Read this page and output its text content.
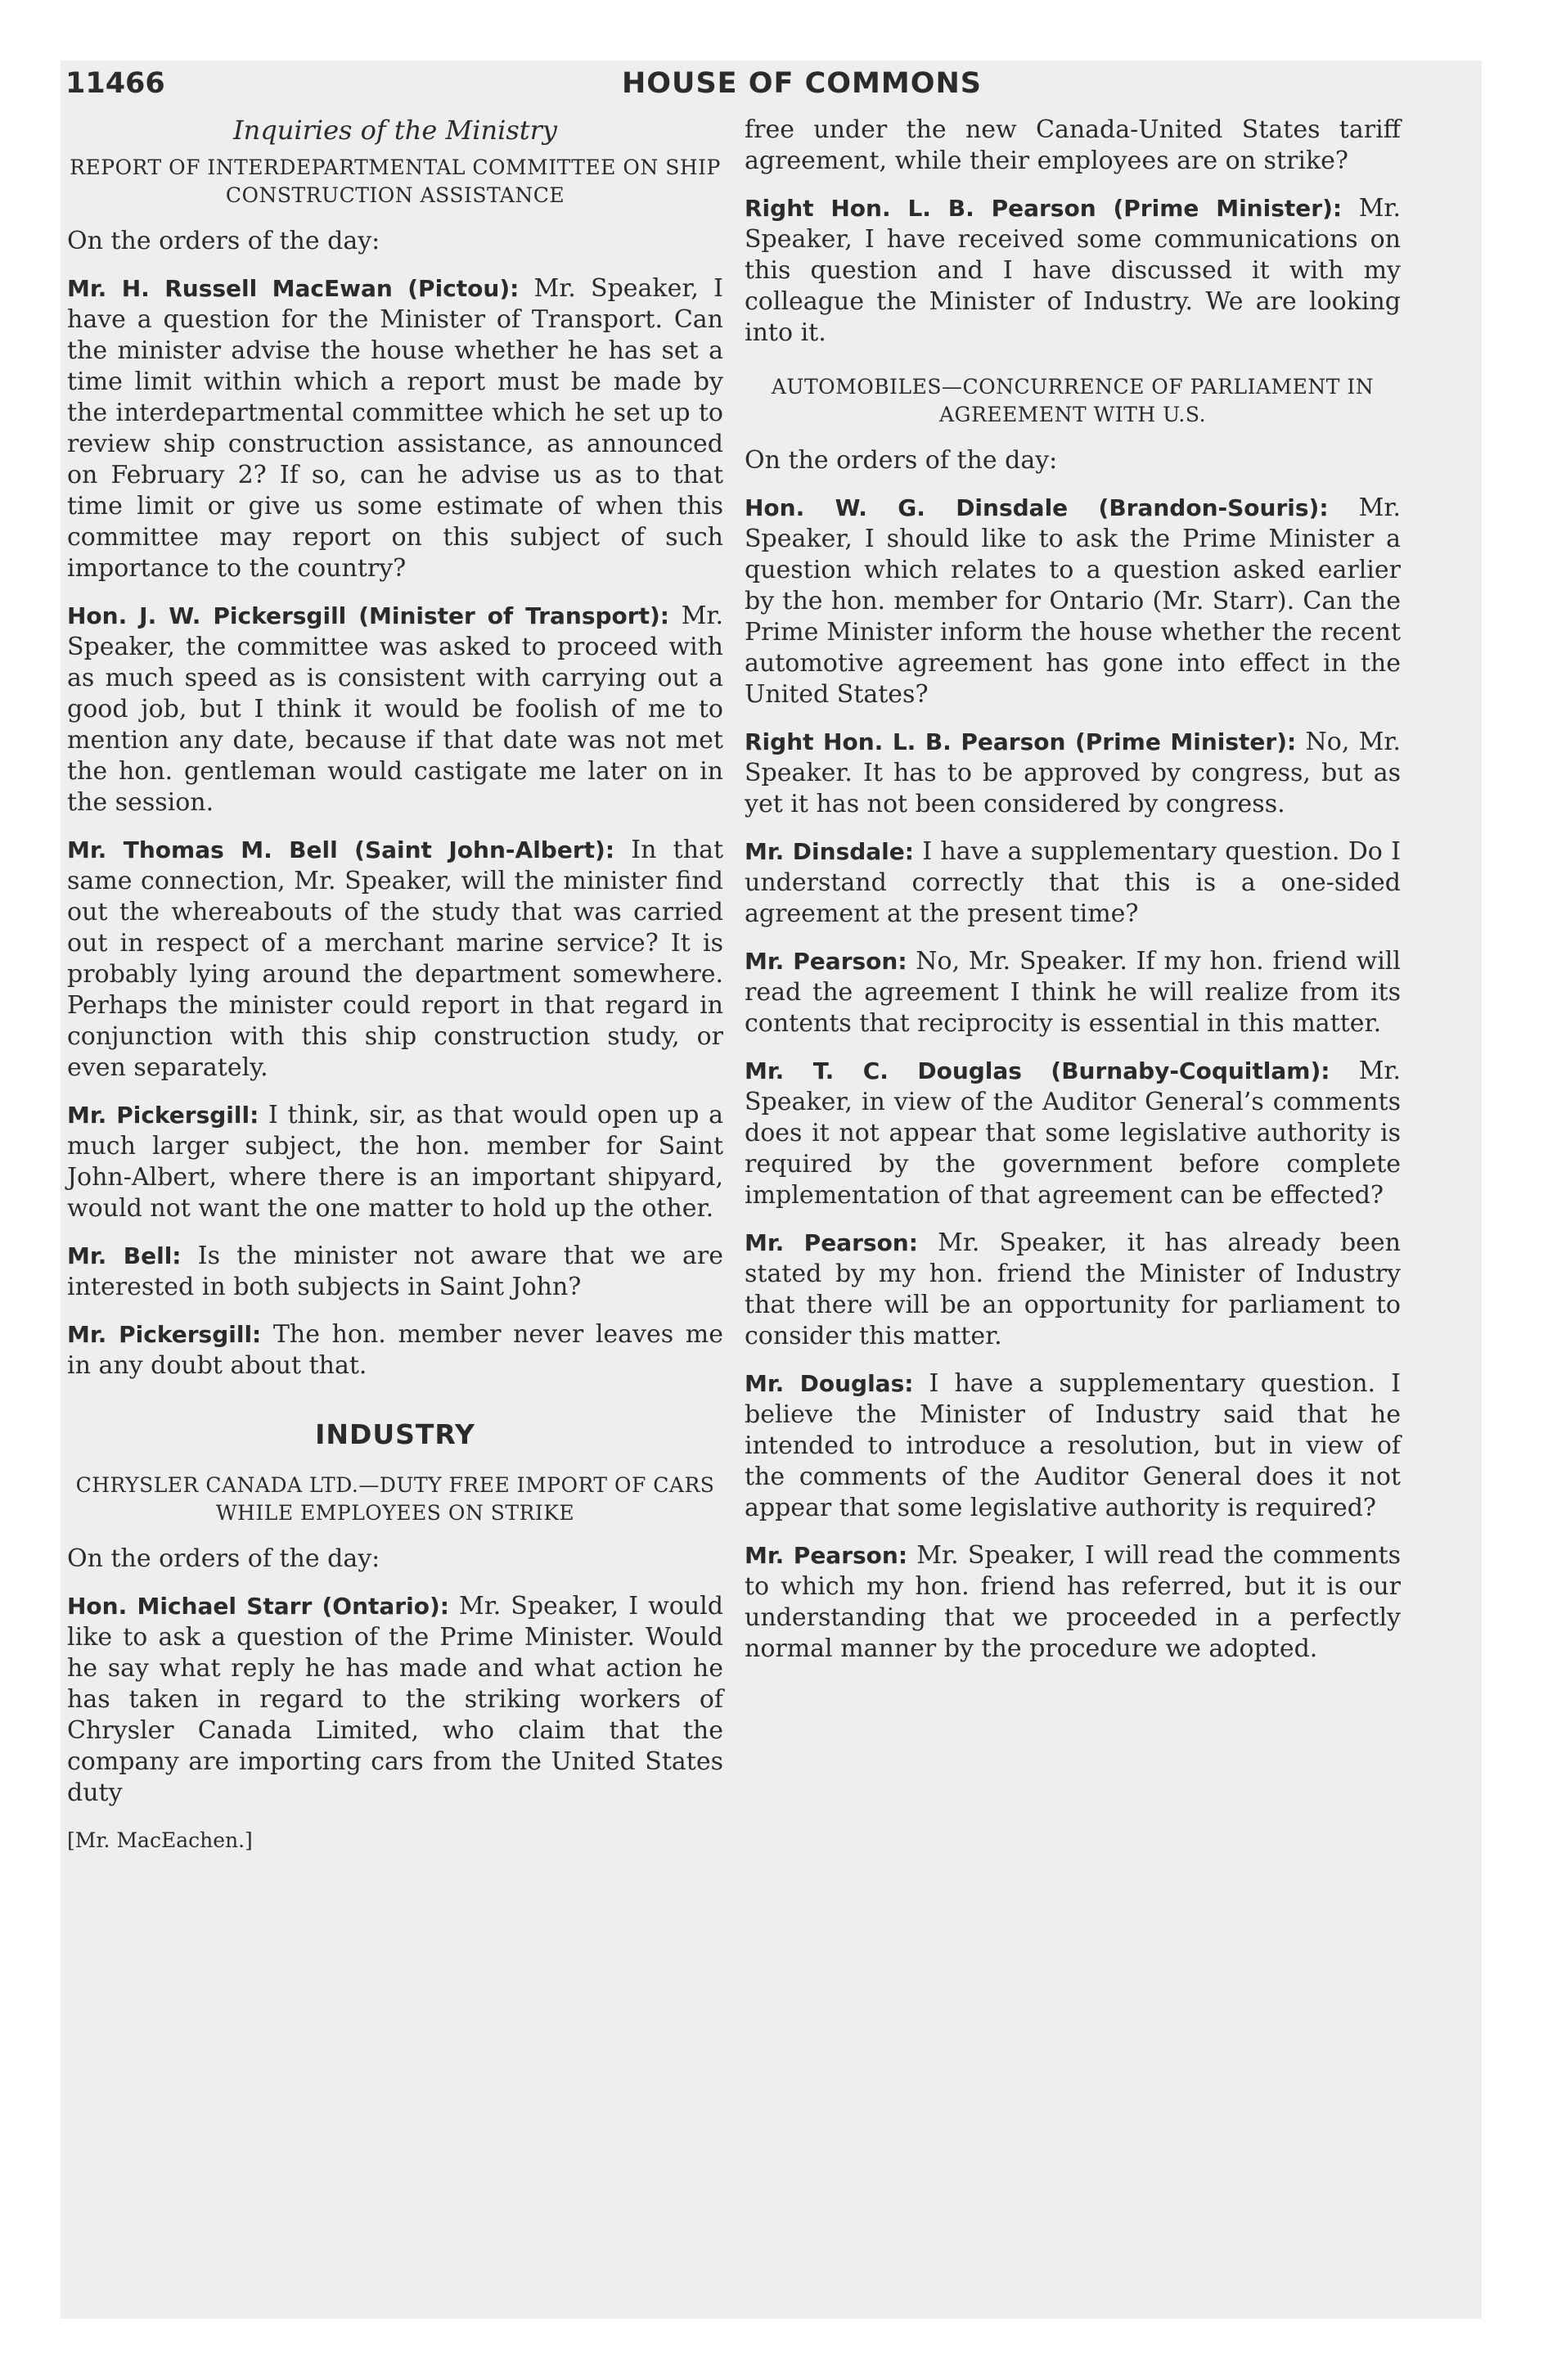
11466	HOUSE OF COMMONS
Inquiries of the Ministry
REPORT OF INTERDEPARTMENTAL COMMITTEE ON SHIP CONSTRUCTION ASSISTANCE

On the orders of the day:

Mr. H. Russell MacEwan (Pictou): Mr. Speaker, I have a question for the Minister of Transport. Can the minister advise the house whether he has set a time limit within which a report must be made by the interdepartmental committee which he set up to review ship construction assistance, as announced on February 2? If so, can he advise us as to that time limit or give us some estimate of when this committee may report on this subject of such importance to the country?

Hon. J. W. Pickersgill (Minister of Transport): Mr. Speaker, the committee was asked to proceed with as much speed as is consistent with carrying out a good job, but I think it would be foolish of me to mention any date, because if that date was not met the hon. gentleman would castigate me later on in the session.

Mr. Thomas M. Bell (Saint John-Albert): In that same connection, Mr. Speaker, will the minister find out the whereabouts of the study that was carried out in respect of a merchant marine service? It is probably lying around the department somewhere. Perhaps the minister could report in that regard in conjunction with this ship construction study, or even separately.

Mr. Pickersgill: I think, sir, as that would open up a much larger subject, the hon. member for Saint John-Albert, where there is an important shipyard, would not want the one matter to hold up the other.

Mr. Bell: Is the minister not aware that we are interested in both subjects in Saint John?

Mr. Pickersgill: The hon. member never leaves me in any doubt about that.

INDUSTRY
CHRYSLER CANADA LTD.—DUTY FREE IMPORT OF CARS WHILE EMPLOYEES ON STRIKE

On the orders of the day:

Hon. Michael Starr (Ontario): Mr. Speaker, I would like to ask a question of the Prime Minister. Would he say what reply he has made and what action he has taken in regard to the striking workers of Chrysler Canada Limited, who claim that the company are importing cars from the United States duty

[Mr. MacEachen.]

free under the new Canada-United States tariff agreement, while their employees are on strike?

Right Hon. L. B. Pearson (Prime Minister): Mr. Speaker, I have received some communications on this question and I have discussed it with my colleague the Minister of Industry. We are looking into it.

AUTOMOBILES—CONCURRENCE OF PARLIAMENT IN AGREEMENT WITH U.S.

On the orders of the day:

Hon. W. G. Dinsdale (Brandon-Souris): Mr. Speaker, I should like to ask the Prime Minister a question which relates to a question asked earlier by the hon. member for Ontario (Mr. Starr). Can the Prime Minister inform the house whether the recent automotive agreement has gone into effect in the United States?

Right Hon. L. B. Pearson (Prime Minister): No, Mr. Speaker. It has to be approved by congress, but as yet it has not been considered by congress.

Mr. Dinsdale: I have a supplementary question. Do I understand correctly that this is a one-sided agreement at the present time?

Mr. Pearson: No, Mr. Speaker. If my hon. friend will read the agreement I think he will realize from its contents that reciprocity is essential in this matter.

Mr. T. C. Douglas (Burnaby-Coquitlam): Mr. Speaker, in view of the Auditor General’s comments does it not appear that some legislative authority is required by the government before complete implementation of that agreement can be effected?

Mr. Pearson: Mr. Speaker, it has already been stated by my hon. friend the Minister of Industry that there will be an opportunity for parliament to consider this matter.

Mr. Douglas: I have a supplementary question. I believe the Minister of Industry said that he intended to introduce a resolution, but in view of the comments of the Auditor General does it not appear that some legislative authority is required?

Mr. Pearson: Mr. Speaker, I will read the comments to which my hon. friend has referred, but it is our understanding that we proceeded in a perfectly normal manner by the procedure we adopted.
